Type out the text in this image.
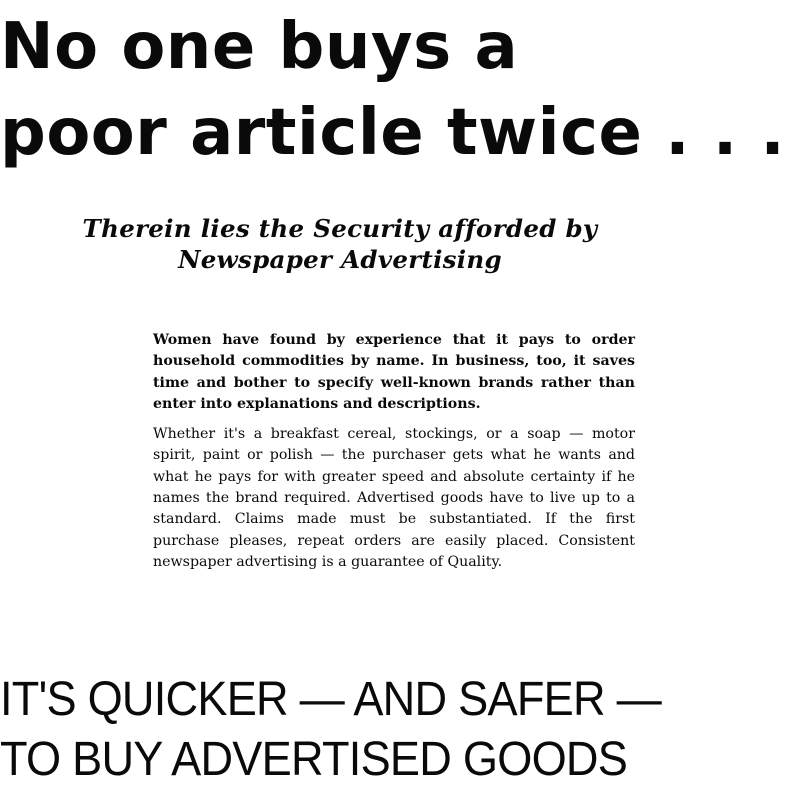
No one buys a
poor article twice . . .
Therein lies the Security afforded by
Newspaper Advertising

Women have found by experience that it pays to order household commodities by name. In business, too, it saves time and bother to specify well-known brands rather than enter into explanations and descriptions.

Whether it's a breakfast cereal, stockings, or a soap — motor spirit, paint or polish — the purchaser gets what he wants and what he pays for with greater speed and absolute certainty if he names the brand required. Advertised goods have to live up to a standard. Claims made must be substantiated. If the first purchase pleases, repeat orders are easily placed. Consistent newspaper advertising is a guarantee of Quality.

IT'S QUICKER — AND SAFER —
TO BUY ADVERTISED GOODS
